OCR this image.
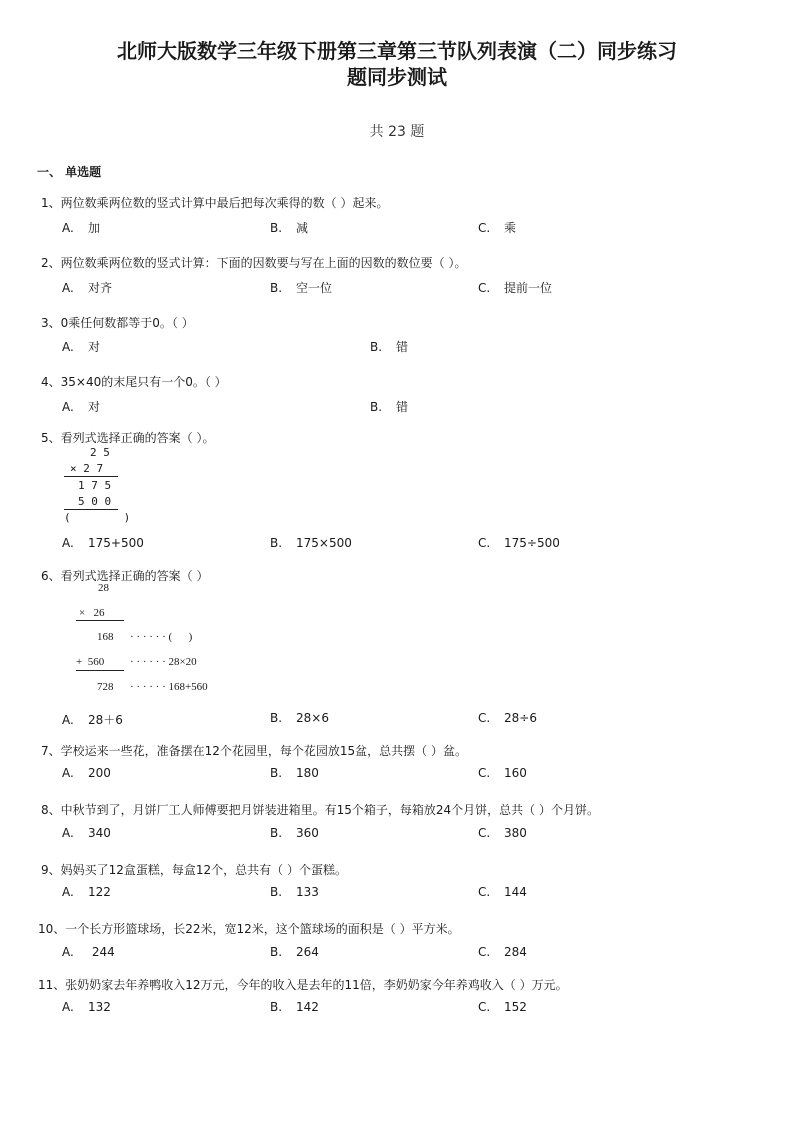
北师大版数学三年级下册第三章第三节队列表演（二）同步练习
题同步测试
共 23 题
一、 单选题
1、两位数乘两位数的竖式计算中最后把每次乘得的数（ ）起来。
A. 加	B. 减	C. 乘
2、两位数乘两位数的竖式计算：下面的因数要与写在上面的因数的数位要（ ）。
A. 对齐	B. 空一位	C. 提前一位
3、0乘任何数都等于0。（ ）
A. 对	B. 错
4、35×40的末尾只有一个0。（ ）
A. 对	B. 错
5、看列式选择正确的答案（ ）。
2 5
× 2 7
1 7 5
5 0 0
(        )
A. 175+500	B. 175×500	C. 175÷500
6、看列式选择正确的答案（ ）
28
×   26
168 · · · · · · (      )
+  560 · · · · · · 28×20
728 · · · · · · 168+560
A. 28＋6	B. 28×6	C. 28÷6
7、学校运来一些花，准备摆在12个花园里，每个花园放15盆，总共摆（ ）盆。
A. 200	B. 180	C. 160
8、中秋节到了，月饼厂工人师傅要把月饼装进箱里。有15个箱子，每箱放24个月饼，总共（ ）个月饼。
A. 340	B. 360	C. 380
9、妈妈买了12盒蛋糕，每盒12个，总共有（ ）个蛋糕。
A. 122	B. 133	C. 144
10、一个长方形篮球场，长22米，宽12米，这个篮球场的面积是（ ）平方米。
A. 244	B. 264	C. 284
11、张奶奶家去年养鸭收入12万元，今年的收入是去年的11倍，李奶奶家今年养鸡收入（ ）万元。
A. 132	B. 142	C. 152
